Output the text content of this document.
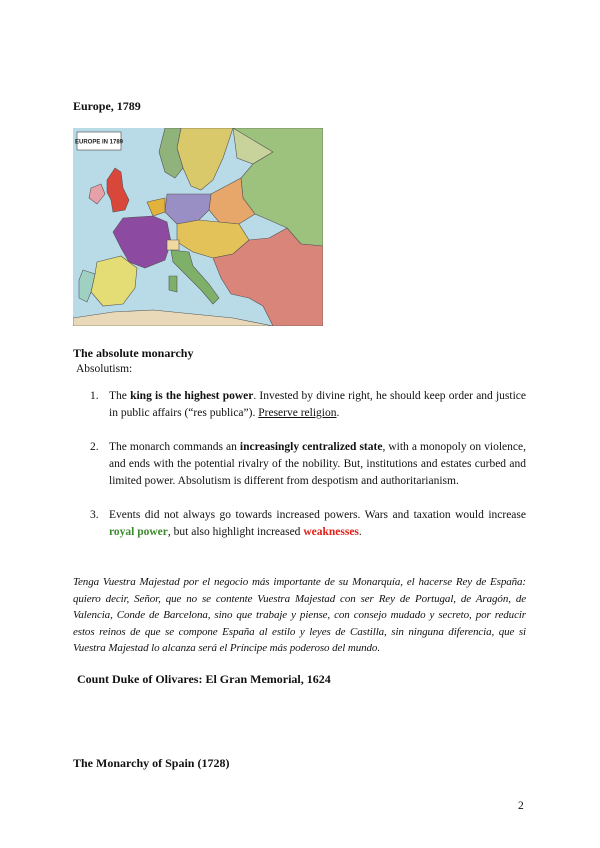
Europe, 1789
EUROPE IN 1789
The absolute monarchy
Absolutism:
1. The king is the highest power. Invested by divine right, he should keep order and justice in public affairs (“res publica”). Preserve religion.
2. The monarch commands an increasingly centralized state, with a monopoly on violence, and ends with the potential rivalry of the nobility. But, institutions and estates curbed and limited power. Absolutism is different from despotism and authoritarianism.
3. Events did not always go towards increased powers. Wars and taxation would increase royal power, but also highlight increased weaknesses.
Tenga Vuestra Majestad por el negocio más importante de su Monarquía, el hacerse Rey de España: quiero decir, Señor, que no se contente Vuestra Majestad con ser Rey de Portugal, de Aragón, de Valencia, Conde de Barcelona, sino que trabaje y piense, con consejo mudado y secreto, por reducir estos reinos de que se compone España al estilo y leyes de Castilla, sin ninguna diferencia, que si Vuestra Majestad lo alcanza será el Príncipe más poderoso del mundo.
Count Duke of Olivares: El Gran Memorial, 1624
The Monarchy of Spain (1728)
2
